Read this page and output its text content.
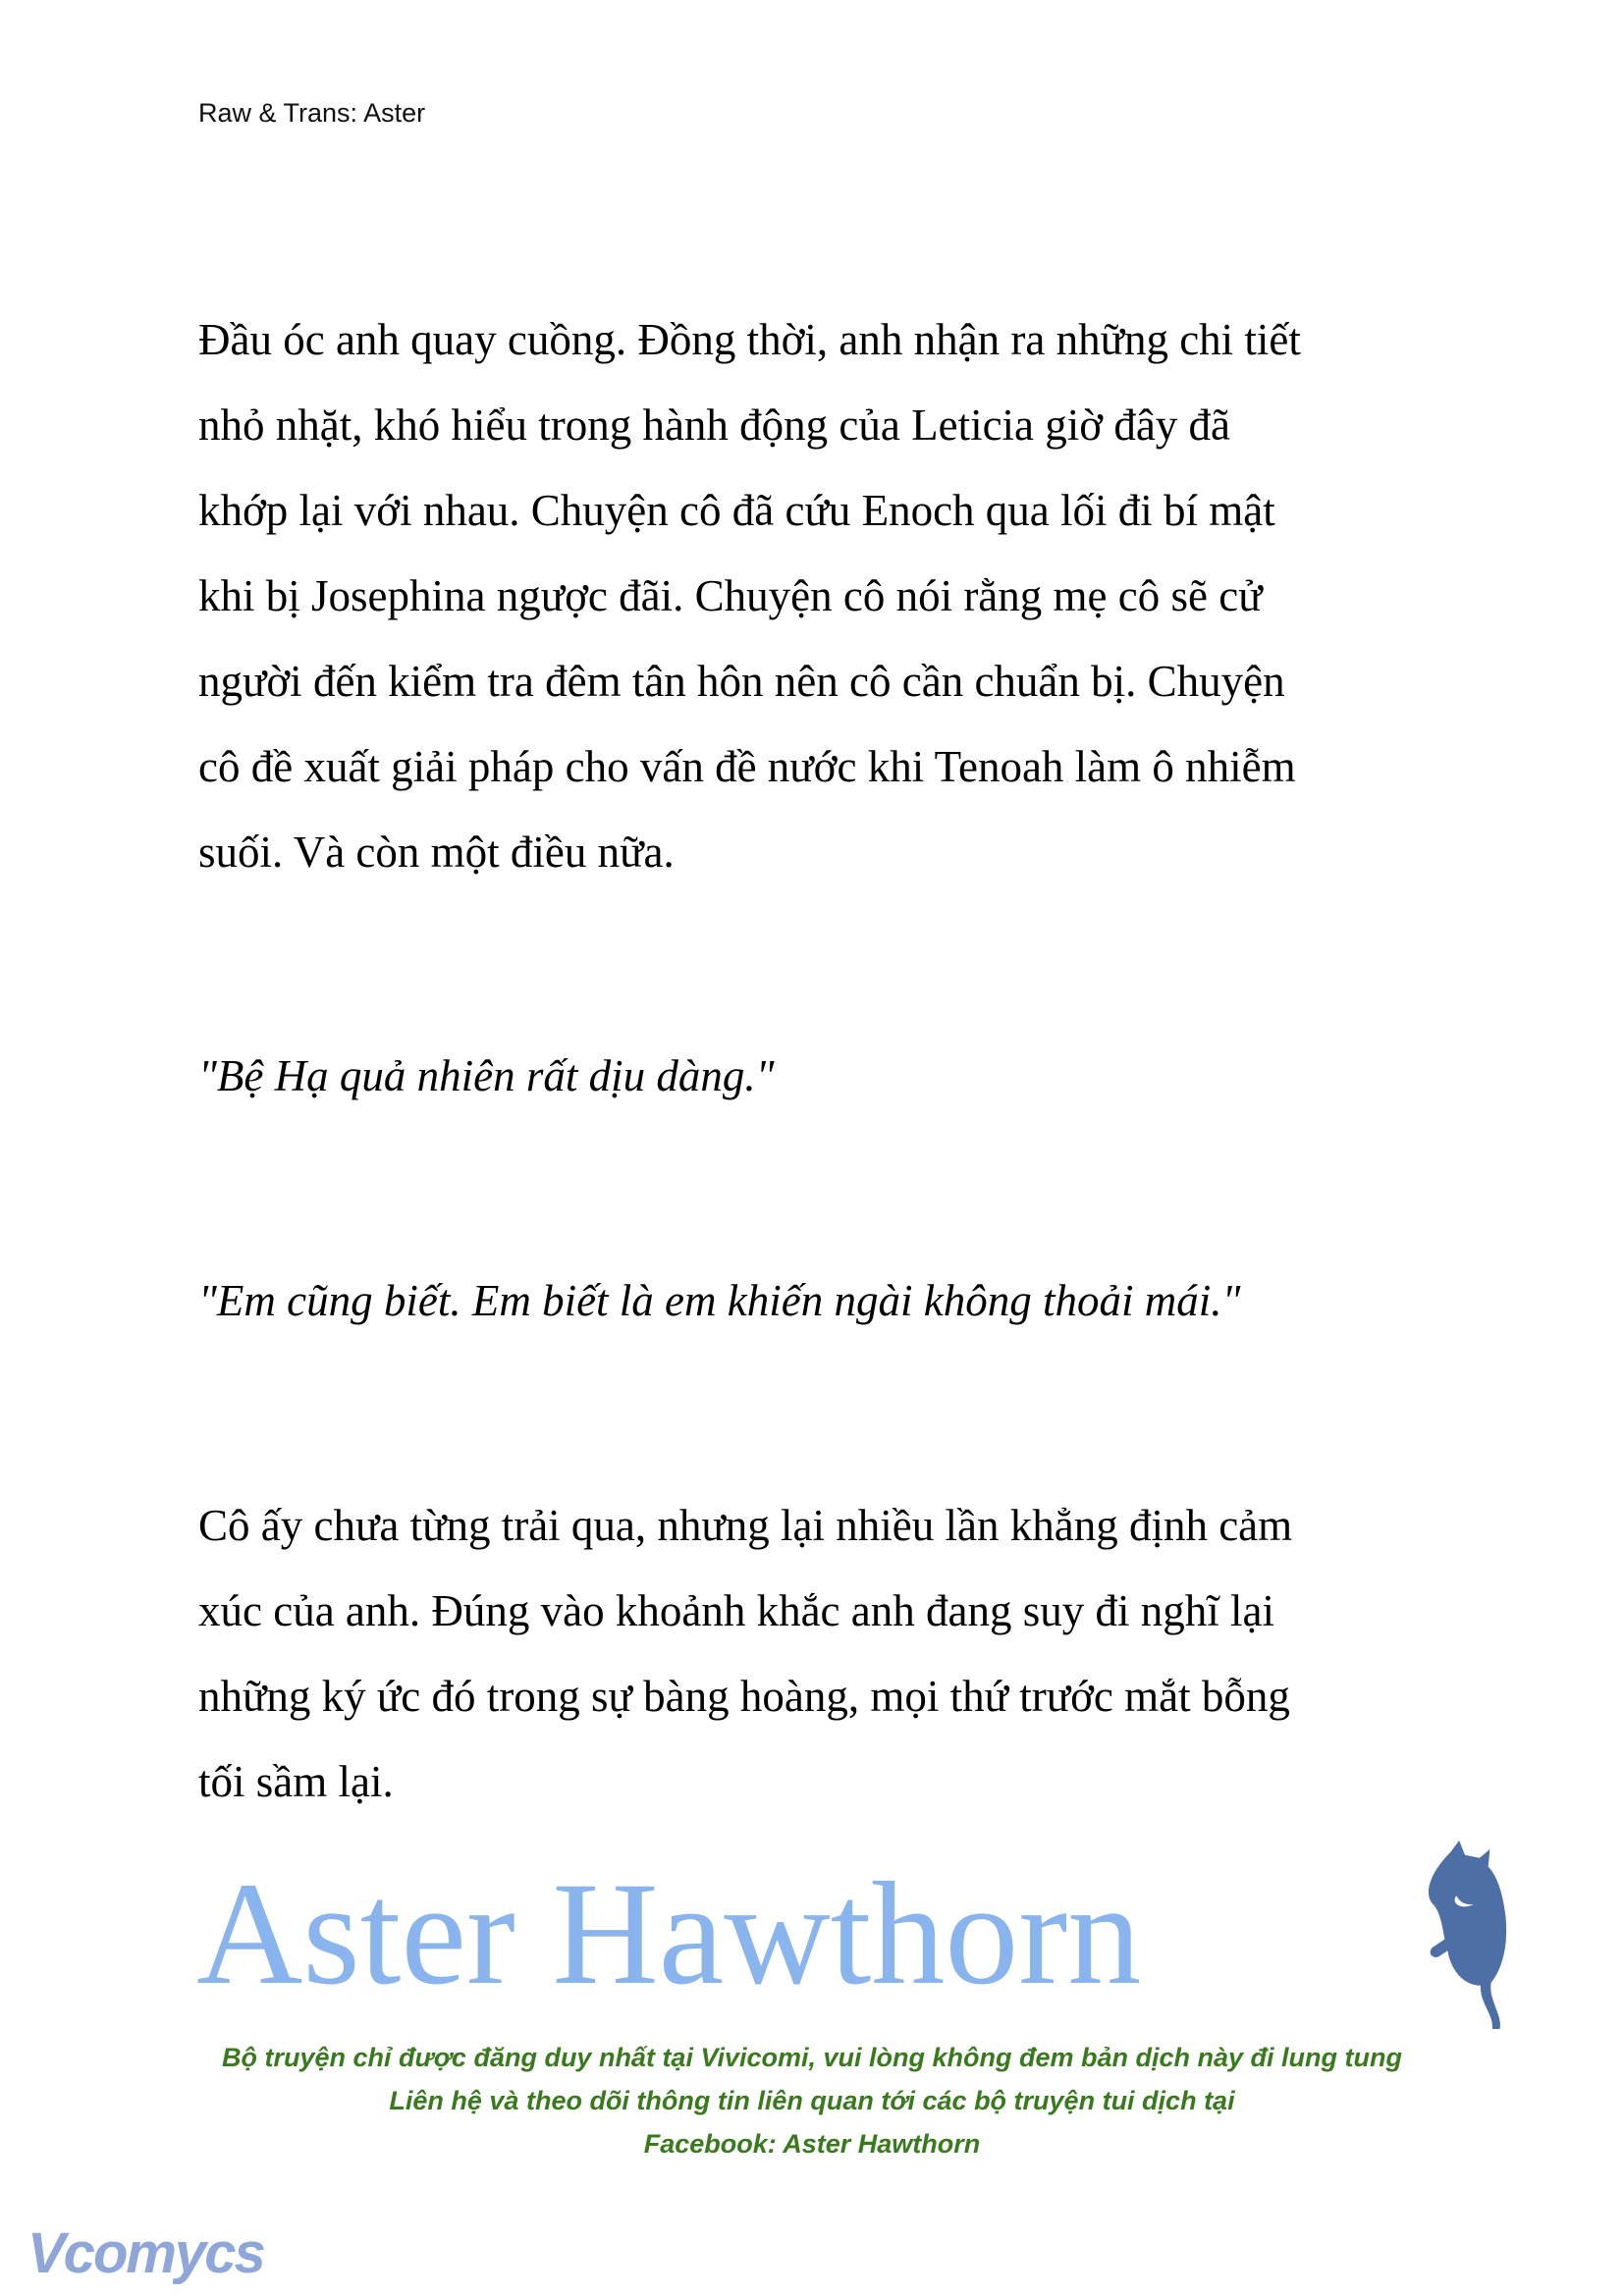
Raw & Trans: Aster
Đầu óc anh quay cuồng. Đồng thời, anh nhận ra những chi tiết
nhỏ nhặt, khó hiểu trong hành động của Leticia giờ đây đã
khớp lại với nhau. Chuyện cô đã cứu Enoch qua lối đi bí mật
khi bị Josephina ngược đãi. Chuyện cô nói rằng mẹ cô sẽ cử
người đến kiểm tra đêm tân hôn nên cô cần chuẩn bị. Chuyện
cô đề xuất giải pháp cho vấn đề nước khi Tenoah làm ô nhiễm
suối. Và còn một điều nữa.
"Bệ Hạ quả nhiên rất dịu dàng."
"Em cũng biết. Em biết là em khiến ngài không thoải mái."
Cô ấy chưa từng trải qua, nhưng lại nhiều lần khẳng định cảm
xúc của anh. Đúng vào khoảnh khắc anh đang suy đi nghĩ lại
những ký ức đó trong sự bàng hoàng, mọi thứ trước mắt bỗng
tối sầm lại.
Aster Hawthorn
Bộ truyện chỉ được đăng duy nhất tại Vivicomi, vui lòng không đem bản dịch này đi lung tung
Liên hệ và theo dõi thông tin liên quan tới các bộ truyện tui dịch tại
Facebook: Aster Hawthorn
Vcomycs
